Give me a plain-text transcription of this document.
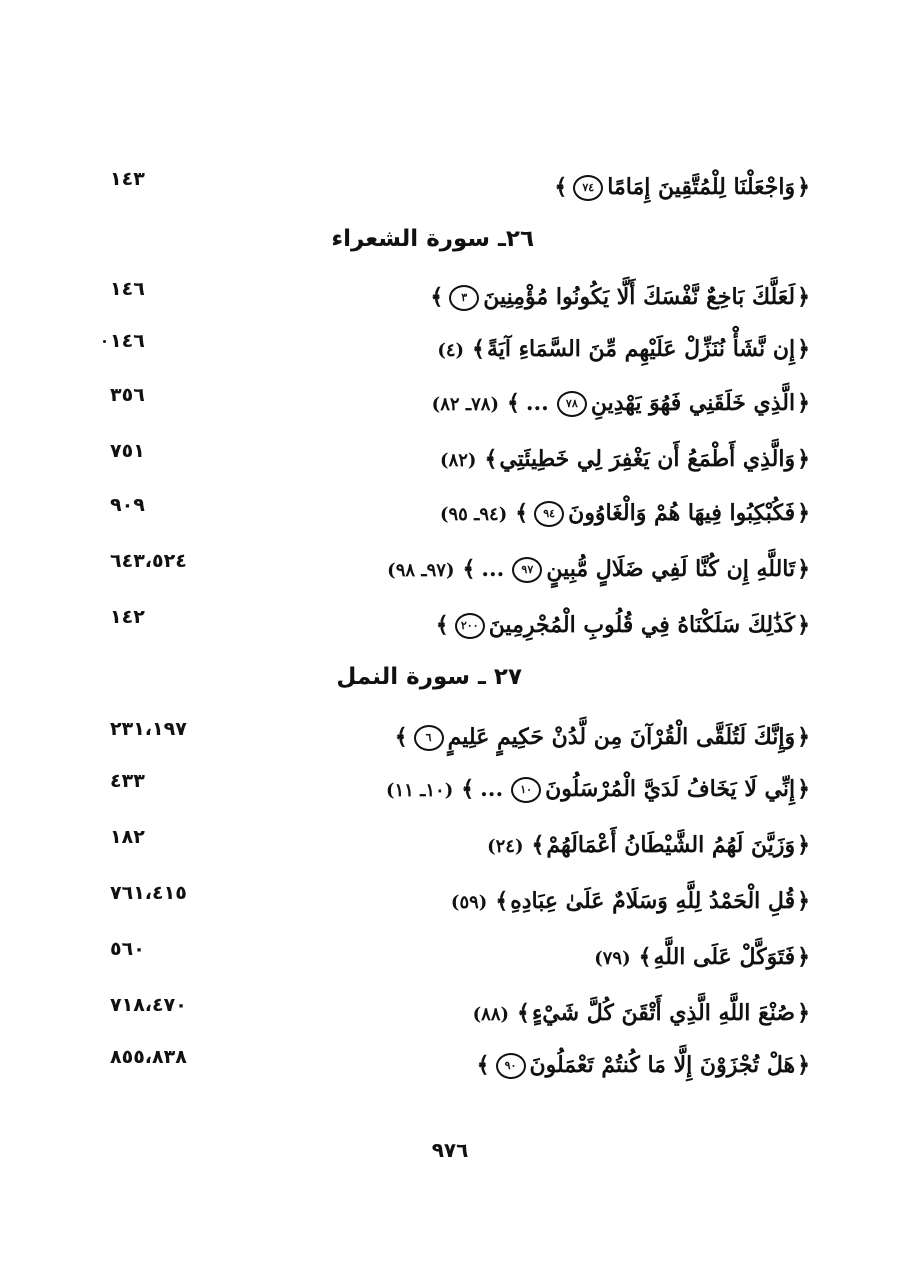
﴿وَاجْعَلْنَا لِلْمُتَّقِينَ إِمَامًا٧٤﴾
١٤٣
٢٦ـ سورة الشعراء
﴿لَعَلَّكَ بَاخِعٌ نَّفْسَكَ أَلَّا يَكُونُوا مُؤْمِنِينَ٣﴾
١٤٦
﴿إِن نَّشَأْ نُنَزِّلْ عَلَيْهِم مِّنَ السَّمَاءِ آيَةً﴾(٤)
١٤٦
﴿الَّذِي خَلَقَنِي فَهُوَ يَهْدِينِ٧٨...﴾(٧٨ـ ٨٢)
٣٥٦
﴿وَالَّذِي أَطْمَعُ أَن يَغْفِرَ لِي خَطِيئَتِي﴾(٨٢)
٧٥١
﴿فَكُبْكِبُوا فِيهَا هُمْ وَالْغَاوُونَ٩٤﴾(٩٤ـ ٩٥)
٩٠٩
﴿تَاللَّهِ إِن كُنَّا لَفِي ضَلَالٍ مُّبِينٍ٩٧...﴾(٩٧ـ ٩٨)
٦٤٣،٥٢٤
﴿كَذَٰلِكَ سَلَكْنَاهُ فِي قُلُوبِ الْمُجْرِمِينَ٢٠٠﴾
١٤٢
٢٧ ـ سورة النمل
﴿وَإِنَّكَ لَتُلَقَّى الْقُرْآنَ مِن لَّدُنْ حَكِيمٍ عَلِيمٍ٦﴾
٢٣١،١٩٧
﴿إِنِّي لَا يَخَافُ لَدَيَّ الْمُرْسَلُونَ١٠...﴾(١٠ـ ١١)
٤٣٣
﴿وَزَيَّنَ لَهُمُ الشَّيْطَانُ أَعْمَالَهُمْ﴾(٢٤)
١٨٢
﴿قُلِ الْحَمْدُ لِلَّهِ وَسَلَامٌ عَلَىٰ عِبَادِهِ﴾(٥٩)
٧٦١،٤١٥
﴿فَتَوَكَّلْ عَلَى اللَّهِ﴾(٧٩)
٥٦٠
﴿صُنْعَ اللَّهِ الَّذِي أَتْقَنَ كُلَّ شَيْءٍ﴾(٨٨)
٧١٨،٤٧٠
﴿هَلْ تُجْزَوْنَ إِلَّا مَا كُنتُمْ تَعْمَلُونَ٩٠﴾
٨٥٥،٨٣٨
٩٧٦
